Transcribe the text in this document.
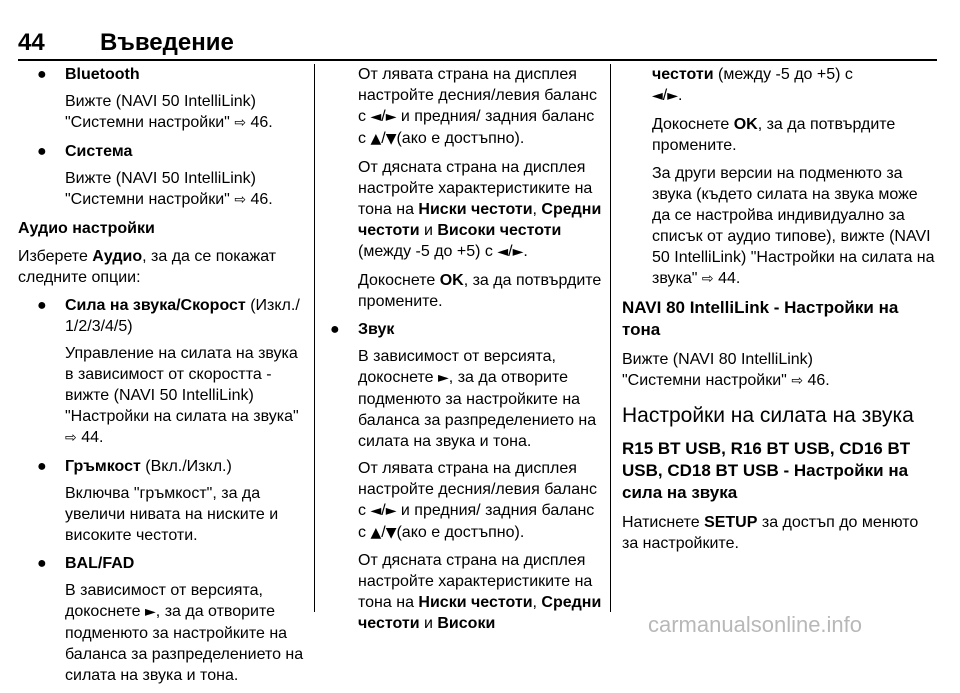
44 Въведение
● Bluetooth

Вижте (NAVI 50 IntelliLink)
"Системни настройки" ⇨ 46.

● Система

Вижте (NAVI 50 IntelliLink)
"Системни настройки" ⇨ 46.

Аудио настройки

Изберете Аудио, за да се покажат следните опции:

● Сила на звука/Скорост (Изкл./ 1/2/3/4/5)

Управление на силата на звука в зависимост от скоростта - вижте (NAVI 50 IntelliLink) "Настройки на силата на звука"
⇨ 44.

● Гръмкост (Вкл./Изкл.)

Включва "гръмкост", за да увеличи нивата на ниските и високите честоти.

● BAL/FAD

В зависимост от версията, докоснете ►, за да отворите подменюто за настройките на баланса за разпределението на силата на звука и тона.

От лявата страна на дисплея настройте десния/левия баланс с ◄/► и предния/ задния баланс с ▲/▼(ако е достъпно).

От дясната страна на дисплея настройте характеристиките на тона на Ниски честоти, Средни честоти и Високи честоти (между -5 до +5) с ◄/►.

Докоснете OK, за да потвърдите промените.

● Звук

В зависимост от версията, докоснете ►, за да отворите подменюто за настройките на баланса за разпределението на силата на звука и тона.

От лявата страна на дисплея настройте десния/левия баланс с ◄/► и предния/ задния баланс с ▲/▼(ако е достъпно).

От дясната страна на дисплея настройте характеристиките на тона на Ниски честоти, Средни честоти и Високи

честоти (между -5 до +5) с
◄/►.

Докоснете OK, за да потвърдите промените.

За други версии на подменюто за звука (където силата на звука може да се настройва индивидуално за списък от аудио типове), вижте (NAVI 50 IntelliLink) "Настройки на силата на звука" ⇨ 44.

NAVI 80 IntelliLink - Настройки на тона

Вижте (NAVI 80 IntelliLink)
"Системни настройки" ⇨ 46.

Настройки на силата на звука
R15 BT USB, R16 BT USB, CD16 BT USB, CD18 BT USB - Настройки на сила на звука

Натиснете SETUP за достъп до менюто за настройките.

carmanualsonline.info
